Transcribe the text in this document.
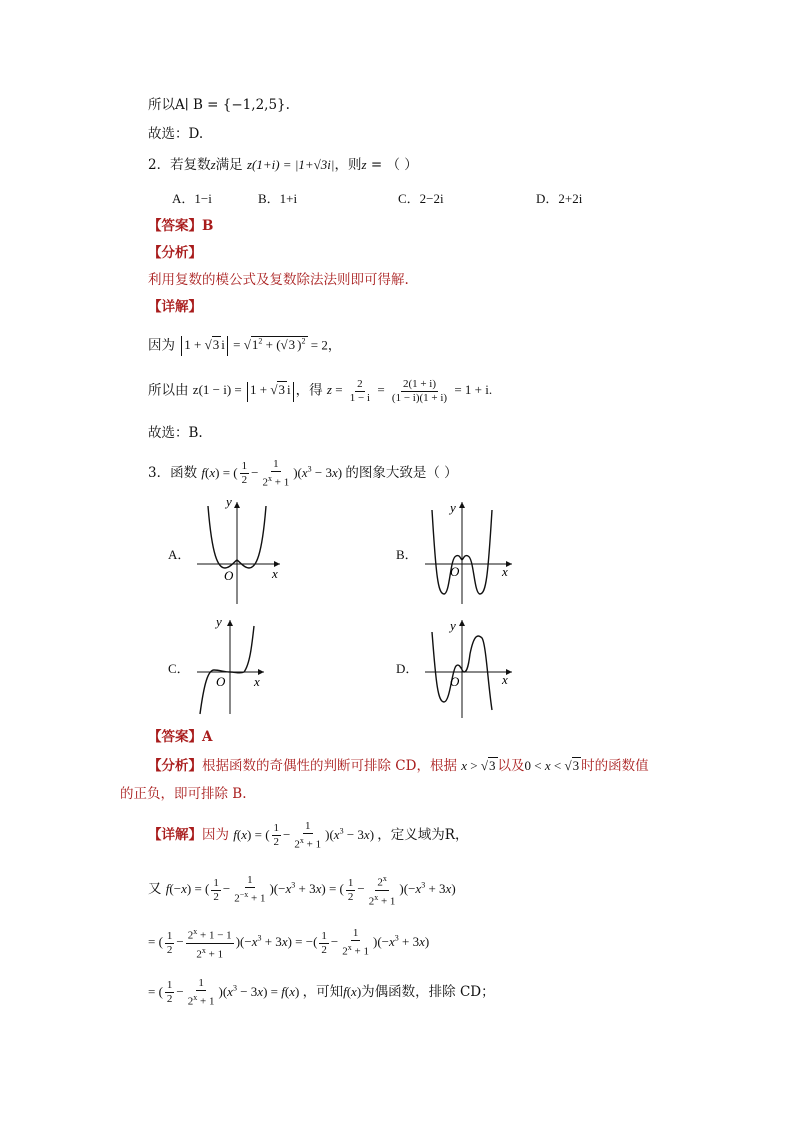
所以A∣ B = {−1,2,5}.
故选：D.
2．若复数z满足 z(1+i) = |1+√3i|，则z = （ ）
A．1−i	B．1+i	C．2−2i	D．2+2i
【答案】B
【分析】
利用复数的模公式及复数除法法则即可得解.
【详解】
因为 1 + √3 $i = √1^2 + (√3$ )$^2$ = 2，
所以由 z(1 − i) = 1 + √3 i ，得 $z = \frac{2}{1 - i} = \frac{2(1 + i)}{(1 - i)(1 + i)} = 1 + i$.
故选：B.
3．函数 f(x) = ( $\frac{1}{2} - \frac{1}{2^x + 1} )(x^3 - 3x)$ 的图象大致是（ ）
A．	B．
C．	D．
y
x
O
y
x
O
y
x
O
y
x
O
【答案】A
【分析】根据函数的奇偶性的判断可排除 CD，根据 x > √3 以及0 < x < √3 时的函数值
的正负，即可排除 B.
【详解】因为 f(x) = ( $\frac{1}{2} - \frac{1}{2^x + 1} )(x^3 - 3x)$ ，定义域为R，
又 f(−x) = ( $\frac{1}{2} - \frac{1}{2^{-x} + 1} )(-x^3 + 3x)$ = ( $\frac{1}{2} - \frac{2^x}{2^x + 1} )(-x^3 + 3x)$
= ( $\frac{1}{2} - \frac{2^x + 1 - 1}{2^x + 1} )(-x^3 + 3x)$ = −( $\frac{1}{2} - \frac{1}{2^x + 1} )(-x^3 + 3x)$
= ( $\frac{1}{2} - \frac{1}{2^x + 1} )(x^3 - 3x) = f(x)$ ，可知f(x)为偶函数，排除 CD；
